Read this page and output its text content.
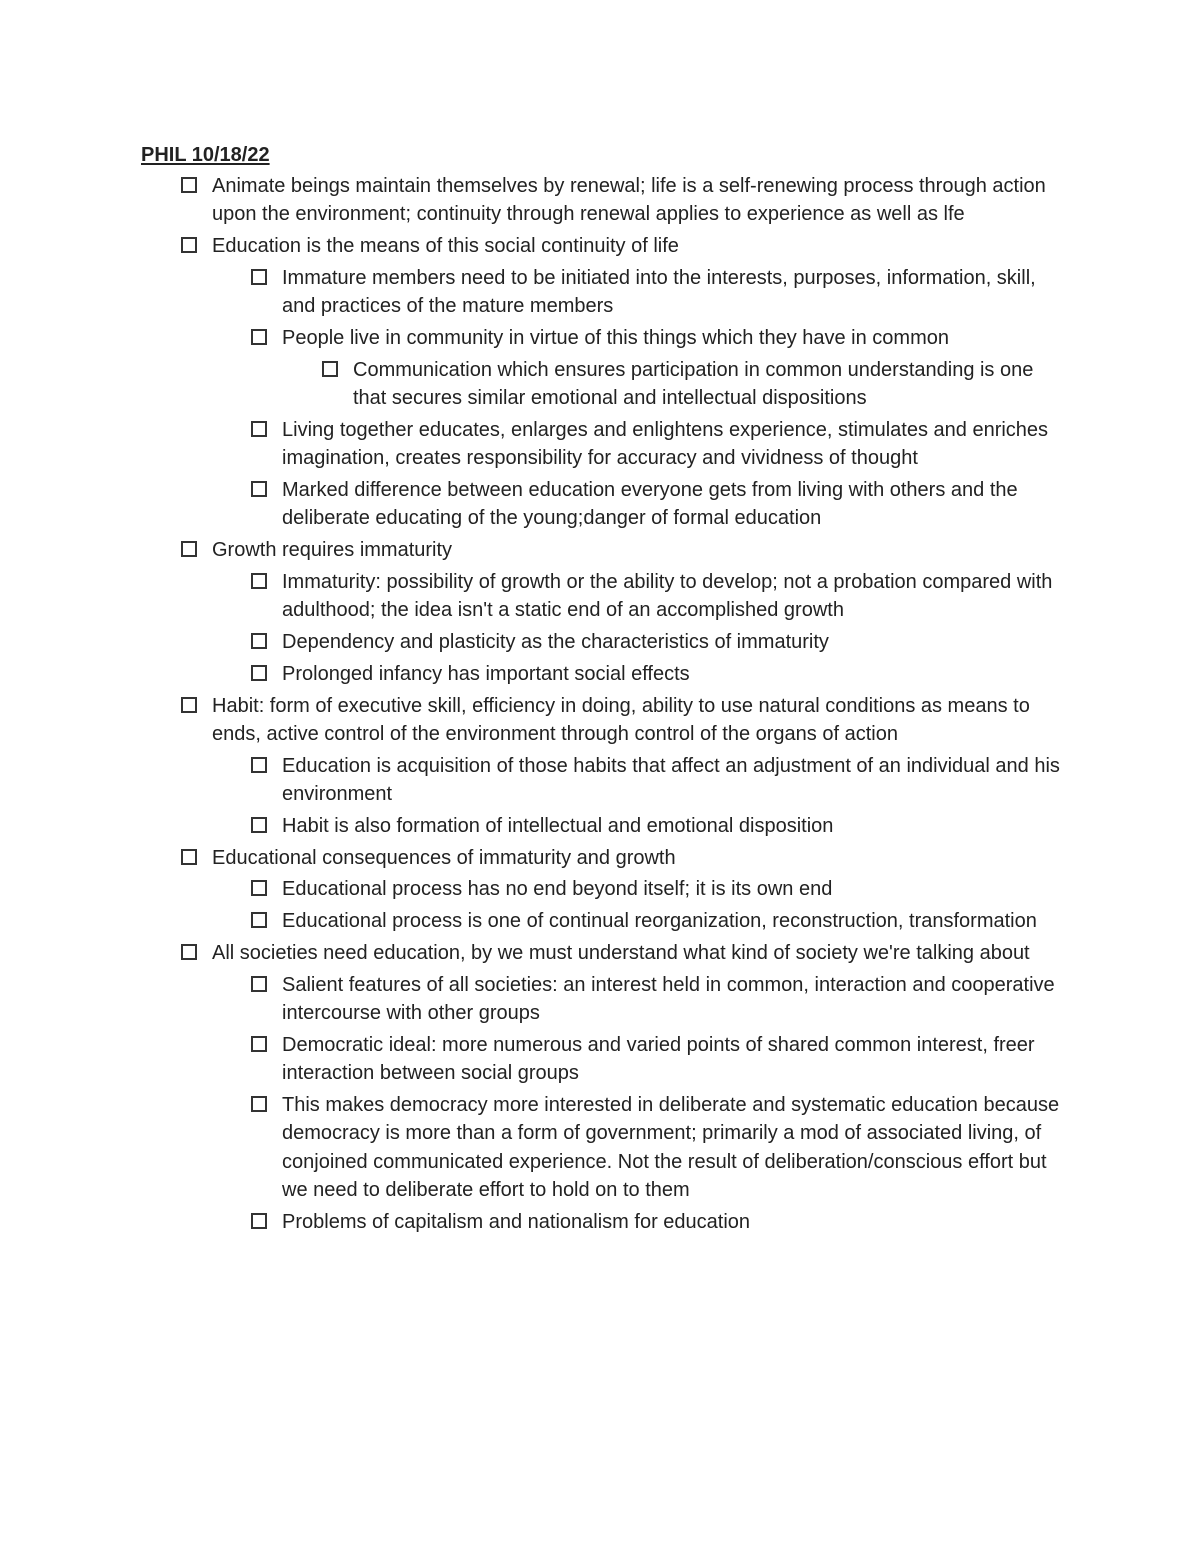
PHIL 10/18/22
Animate beings maintain themselves by renewal; life is a self-renewing process through action upon the environment; continuity through renewal applies to experience as well as lfe
Education is the means of this social continuity of life
Immature members need to be initiated into the interests, purposes, information, skill, and practices of the mature members
People live in community in virtue of this things which they have in common
Communication which ensures participation in common understanding is one that secures similar emotional and intellectual dispositions
Living together educates, enlarges and enlightens experience, stimulates and enriches imagination, creates responsibility for accuracy and vividness of thought
Marked difference between education everyone gets from living with others and the deliberate educating of the young;danger of formal education
Growth requires immaturity
Immaturity: possibility of growth or the ability to develop; not a probation compared with adulthood; the idea isn't a static end of an accomplished growth
Dependency and plasticity as the characteristics of immaturity
Prolonged infancy has important social effects
Habit: form of executive skill, efficiency in doing, ability to use natural conditions as means to ends, active control of the environment through control of the organs of action
Education is acquisition of those habits that affect an adjustment of an individual and his environment
Habit is also formation of intellectual and emotional disposition
Educational consequences of immaturity and growth
Educational process has no end beyond itself; it is its own end
Educational process is one of continual reorganization, reconstruction, transformation
All societies need education, by we must understand what kind of society we're talking about
Salient features of all societies: an interest held in common, interaction and cooperative intercourse with other groups
Democratic ideal: more numerous and varied points of shared common interest, freer interaction between social groups
This makes democracy more interested in deliberate and systematic education because democracy is more than a form of government; primarily a mod of associated living, of conjoined communicated experience. Not the result of deliberation/conscious effort but we need to deliberate effort to hold on to them
Problems of capitalism and nationalism for education
